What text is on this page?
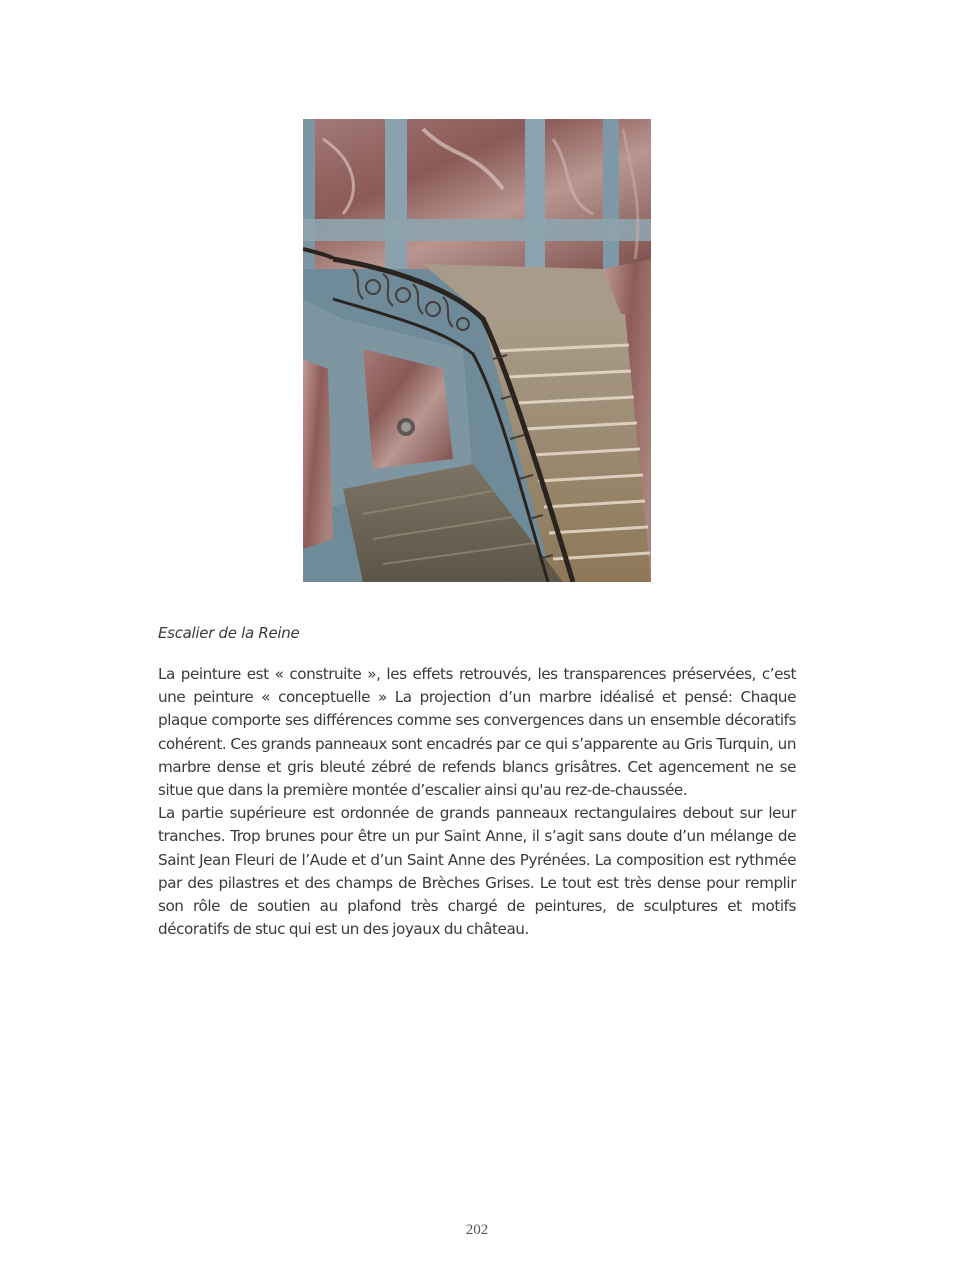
Escalier de la Reine

La peinture est « construite », les effets retrouvés, les transparences préservées, c’est une peinture « conceptuelle » La projection d’un marbre idéalisé et pensé: Chaque plaque comporte ses différences comme ses convergences dans un ensemble décoratifs cohérent. Ces grands panneaux sont encadrés par ce qui s’apparente au Gris Turquin, un marbre dense et gris bleuté zébré de refends blancs grisâtres. Cet agencement ne se situe que dans la première montée d’escalier ainsi qu'au rez-de-chaussée.

La partie supérieure est ordonnée de grands panneaux rectangulaires debout sur leur tranches. Trop brunes pour être un pur Saint Anne, il s’agit sans doute d’un mélange de Saint Jean Fleuri de l’Aude et d’un Saint Anne des Pyrénées. La composition est rythmée par des pilastres et des champs de Brèches Grises. Le tout est très dense pour remplir son rôle de soutien au plafond très chargé de peintures, de sculptures et motifs décoratifs de stuc qui est un des joyaux du château.

202
